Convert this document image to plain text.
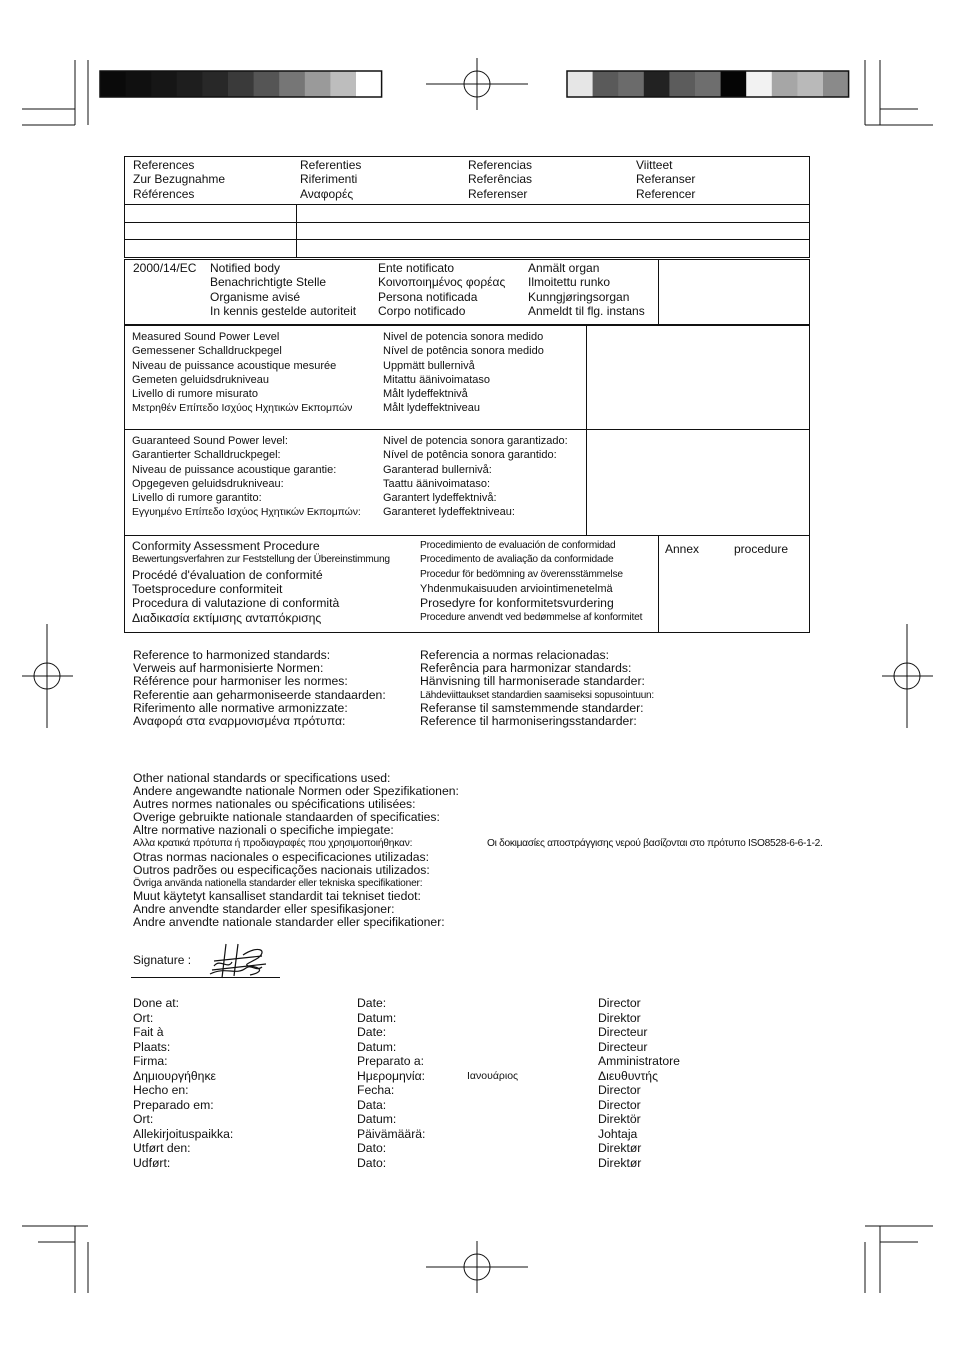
References
Zur Bezugnahme
Références
Referenties
Riferimenti
Αναφορές
Referencias
Referências
Referenser
Viitteet
Referanser
Referencer
2000/14/EC Notified body
Benachrichtigte Stelle
Organisme avisé
In kennis gestelde autoriteit
Ente notificato
Κοινοποιημένος φορέας
Persona notificada
Corpo notificado
Anmält organ
Ilmoitettu runko
Kunngjøringsorgan
Anmeldt til flg. instans
Measured Sound Power Level
Gemessener Schalldruckpegel
Niveau de puissance acoustique mesurée
Gemeten geluidsdrukniveau
Livello di rumore misurato
Μετρηθέν Επίπεδο Ισχύος Ηχητικών Εκπομπών
Nivel de potencia sonora medido
Nível de potência sonora medido
Uppmätt bullernivå
Mitattu äänivoimataso
Målt lydeffektnivå
Målt lydeffektniveau
Guaranteed Sound Power level:
Garantierter Schalldruckpegel:
Niveau de puissance acoustique garantie:
Opgegeven geluidsdrukniveau:
Livello di rumore garantito:
Εγγυημένο Επίπεδο Ισχύος Ηχητικών Εκπομπών:
Nivel de potencia sonora garantizado:
Nível de potência sonora garantido:
Garanterad bullernivå:
Taattu äänivoimataso:
Garantert lydeffektnivå:
Garanteret lydeffektniveau:
Conformity Assessment Procedure
Bewertungsverfahren zur Feststellung der Übereinstimmung
Procédé d'évaluation de conformité
Toetsprocedure conformiteit
Procedura di valutazione di conformità
Διαδικασία εκτίμισης ανταπόκρισης
Procedimiento de evaluación de conformidad
Procedimento de avaliação da conformidade
Procedur för bedömning av överensstämmelse
Yhdenmukaisuuden arviointimenetelmä
Prosedyre for konformitetsvurdering
Procedure anvendt ved bedømmelse af konformitet
Annex	procedure
Reference to harmonized standards:
Verweis auf harmonisierte Normen:
Référence pour harmoniser les normes:
Referentie aan geharmoniseerde standaarden:
Riferimento alle normative armonizzate:
Αναφορά στα εναρμονισμένα πρότυπα:
Referencia a normas relacionadas:
Referência para harmonizar standards:
Hänvisning till harmoniserade standarder:
Lähdeviittaukset standardien saamiseksi sopusointuun:
Referanse til samstemmende standarder:
Reference til harmoniseringsstandarder:
Other national standards or specifications used:
Andere angewandte nationale Normen oder Spezifikationen:
Autres normes nationales ou spécifications utilisées:
Overige gebruikte nationale standaarden of specificaties:
Altre normative nazionali o specifiche impiegate:
Αλλα κρατικά πρότυπα ή προδιαγραφές που χρησιμοποιήθηκαν:
Otras normas nacionales o especificaciones utilizadas:
Outros padrões ou especificações nacionais utilizados:
Övriga använda nationella standarder eller tekniska specifikationer:
Muut käytetyt kansalliset standardit tai tekniset tiedot:
Andre anvendte standarder eller spesifikasjoner:
Andre anvendte nationale standarder eller specifikationer:
Οι δοκιμασίες αποστράγγισης νερού βασίζονται στο πρότυπο ISO8528-6-6-1-2.
Signature :
Done at:
Ort:
Fait à
Plaats:
Firma:
Δημιουργήθηκε
Hecho en:
Preparado em:
Ort:
Allekirjoituspaikka:
Utført den:
Udført:
Date:
Datum:
Date:
Datum:
Preparato a:
Ημερομηνία:
Fecha:
Data:
Datum:
Päivämäärä:
Dato:
Dato:
Ιανουάριος
Director
Direktor
Directeur
Directeur
Amministratore
Διευθυντής
Director
Director
Direktör
Johtaja
Direktør
Direktør
